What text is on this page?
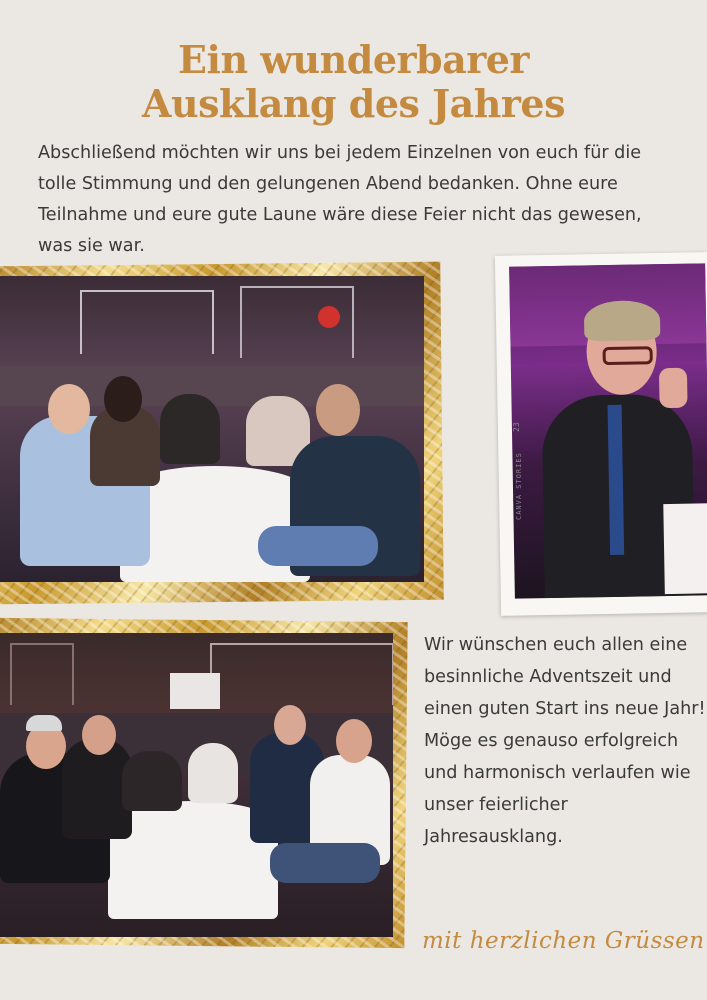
Ein wunderbarer
Ausklang des Jahres
Abschließend möchten wir uns bei jedem Einzelnen von euch für die tolle Stimmung und den gelungenen Abend bedanken. Ohne eure Teilnahme und eure gute Laune wäre diese Feier nicht das gewesen, was sie war.
CANVA STORIES
23
Wir wünschen euch allen eine besinnliche Adventszeit und einen guten Start ins neue Jahr! Möge es genauso erfolgreich und harmonisch verlaufen wie unser feierlicher Jahresausklang.
mit herzlichen Grüssen
